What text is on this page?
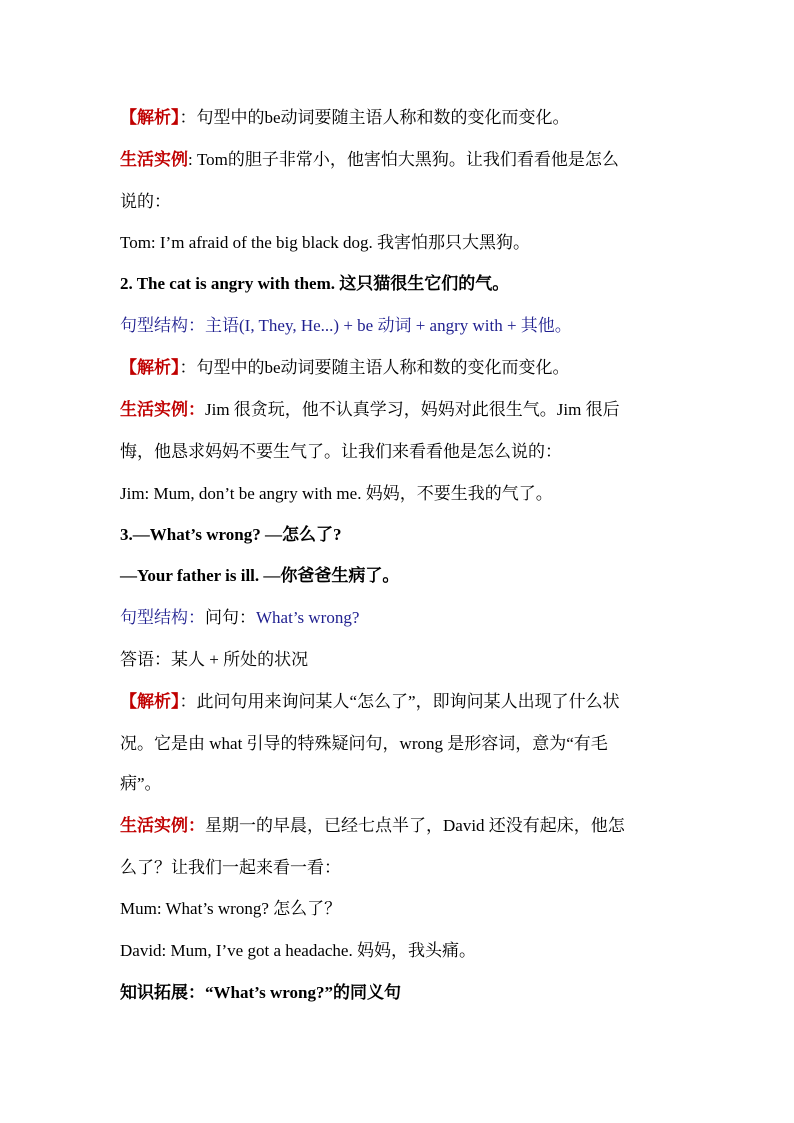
【解析】：句型中的be动词要随主语人称和数的变化而变化。
生活实例: Tom的胆子非常小，他害怕大黑狗。让我们看看他是怎么
说的：
Tom: I’m afraid of the big black dog. 我害怕那只大黑狗。
2. The cat is angry with them. 这只猫很生它们的气。
句型结构：主语(I, They, He...) + be 动词 + angry with + 其他。
【解析】：句型中的be动词要随主语人称和数的变化而变化。
生活实例：Jim 很贪玩，他不认真学习，妈妈对此很生气。Jim 很后
悔，他恳求妈妈不要生气了。让我们来看看他是怎么说的：
Jim: Mum, don’t be angry with me. 妈妈，不要生我的气了。
3.—What’s wrong? —怎么了?
—Your father is ill. —你爸爸生病了。
句型结构：问句：What’s wrong?
答语：某人 + 所处的状况
【解析】：此问句用来询问某人“怎么了”，即询问某人出现了什么状
况。它是由 what 引导的特殊疑问句，wrong 是形容词，意为“有毛
病”。
生活实例：星期一的早晨，已经七点半了，David 还没有起床，他怎
么了？让我们一起来看一看：
Mum: What’s wrong? 怎么了？
David: Mum, I’ve got a headache. 妈妈，我头痛。
知识拓展：“What’s wrong?”的同义句
